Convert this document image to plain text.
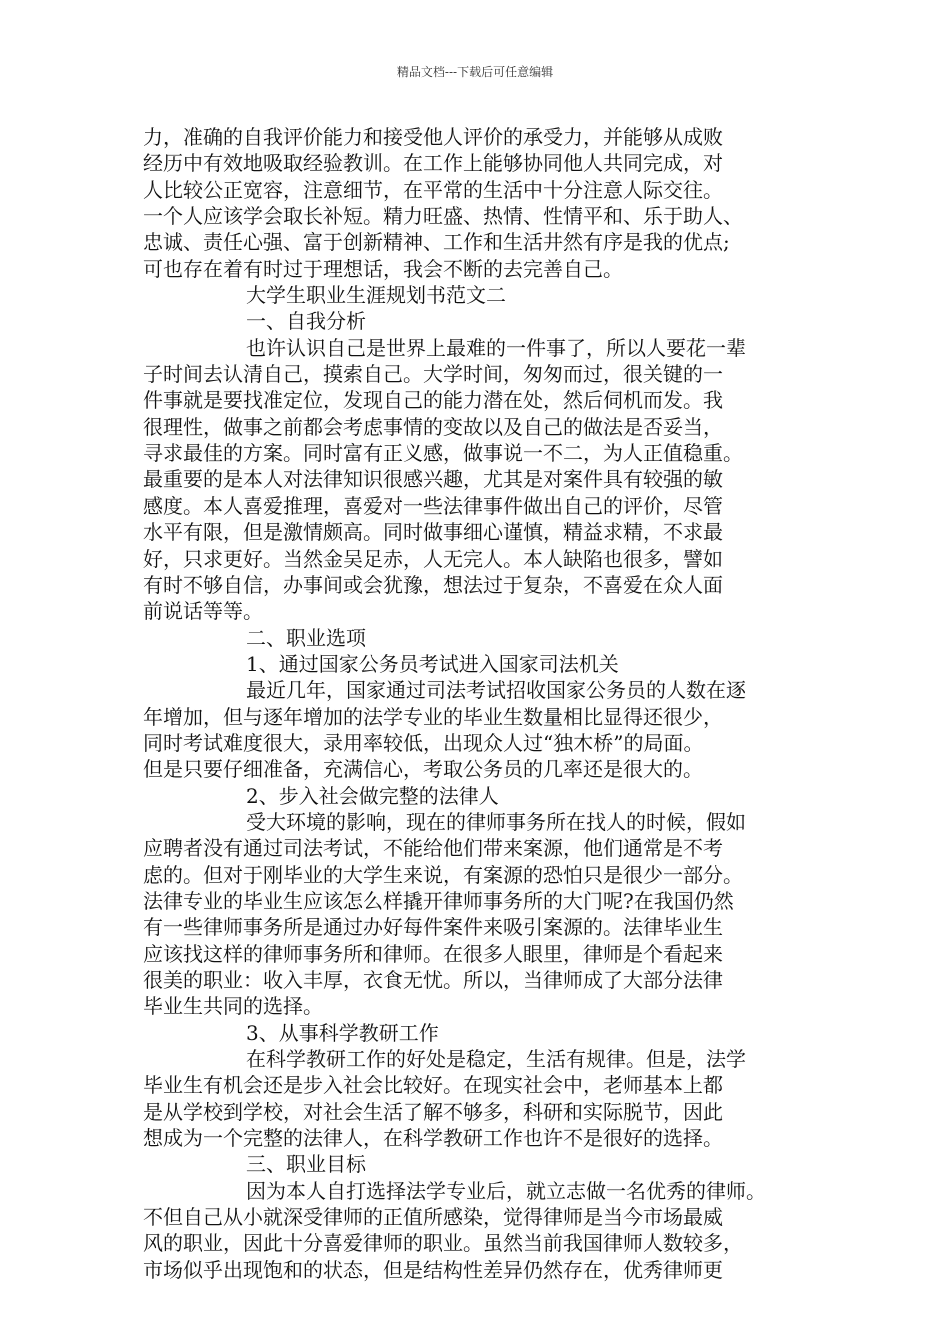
精品文档---下载后可任意编辑
力，准确的自我评价能力和接受他人评价的承受力，并能够从成败
经历中有效地吸取经验教训。在工作上能够协同他人共同完成，对
人比较公正宽容，注意细节，在平常的生活中十分注意人际交往。
一个人应该学会取长补短。精力旺盛、热情、性情平和、乐于助人、
忠诚、责任心强、富于创新精神、工作和生活井然有序是我的优点;
可也存在着有时过于理想话，我会不断的去完善自己。
大学生职业生涯规划书范文二
一、自我分析
也许认识自己是世界上最难的一件事了，所以人要花一辈
子时间去认清自己，摸索自己。大学时间，匆匆而过，很关键的一
件事就是要找准定位，发现自己的能力潜在处，然后伺机而发。我
很理性，做事之前都会考虑事情的变故以及自己的做法是否妥当，
寻求最佳的方案。同时富有正义感，做事说一不二，为人正值稳重。
最重要的是本人对法律知识很感兴趣，尤其是对案件具有较强的敏
感度。本人喜爱推理，喜爱对一些法律事件做出自己的评价，尽管
水平有限，但是激情颇高。同时做事细心谨慎，精益求精，不求最
好，只求更好。当然金吴足赤，人无完人。本人缺陷也很多，譬如
有时不够自信，办事间或会犹豫，想法过于复杂，不喜爱在众人面
前说话等等。
二、职业选项
1、通过国家公务员考试进入国家司法机关
最近几年，国家通过司法考试招收国家公务员的人数在逐
年增加，但与逐年增加的法学专业的毕业生数量相比显得还很少，
同时考试难度很大，录用率较低，出现众人过“独木桥”的局面。
但是只要仔细准备，充满信心，考取公务员的几率还是很大的。
2、步入社会做完整的法律人
受大环境的影响，现在的律师事务所在找人的时候，假如
应聘者没有通过司法考试，不能给他们带来案源，他们通常是不考
虑的。但对于刚毕业的大学生来说，有案源的恐怕只是很少一部分。
法律专业的毕业生应该怎么样撬开律师事务所的大门呢?在我国仍然
有一些律师事务所是通过办好每件案件来吸引案源的。法律毕业生
应该找这样的律师事务所和律师。在很多人眼里，律师是个看起来
很美的职业：收入丰厚，衣食无忧。所以，当律师成了大部分法律
毕业生共同的选择。
3、从事科学教研工作
在科学教研工作的好处是稳定，生活有规律。但是，法学
毕业生有机会还是步入社会比较好。在现实社会中，老师基本上都
是从学校到学校，对社会生活了解不够多，科研和实际脱节，因此
想成为一个完整的法律人，在科学教研工作也许不是很好的选择。
三、职业目标
因为本人自打选择法学专业后，就立志做一名优秀的律师。
不但自己从小就深受律师的正值所感染，觉得律师是当今市场最威
风的职业，因此十分喜爱律师的职业。虽然当前我国律师人数较多，
市场似乎出现饱和的状态，但是结构性差异仍然存在，优秀律师更
